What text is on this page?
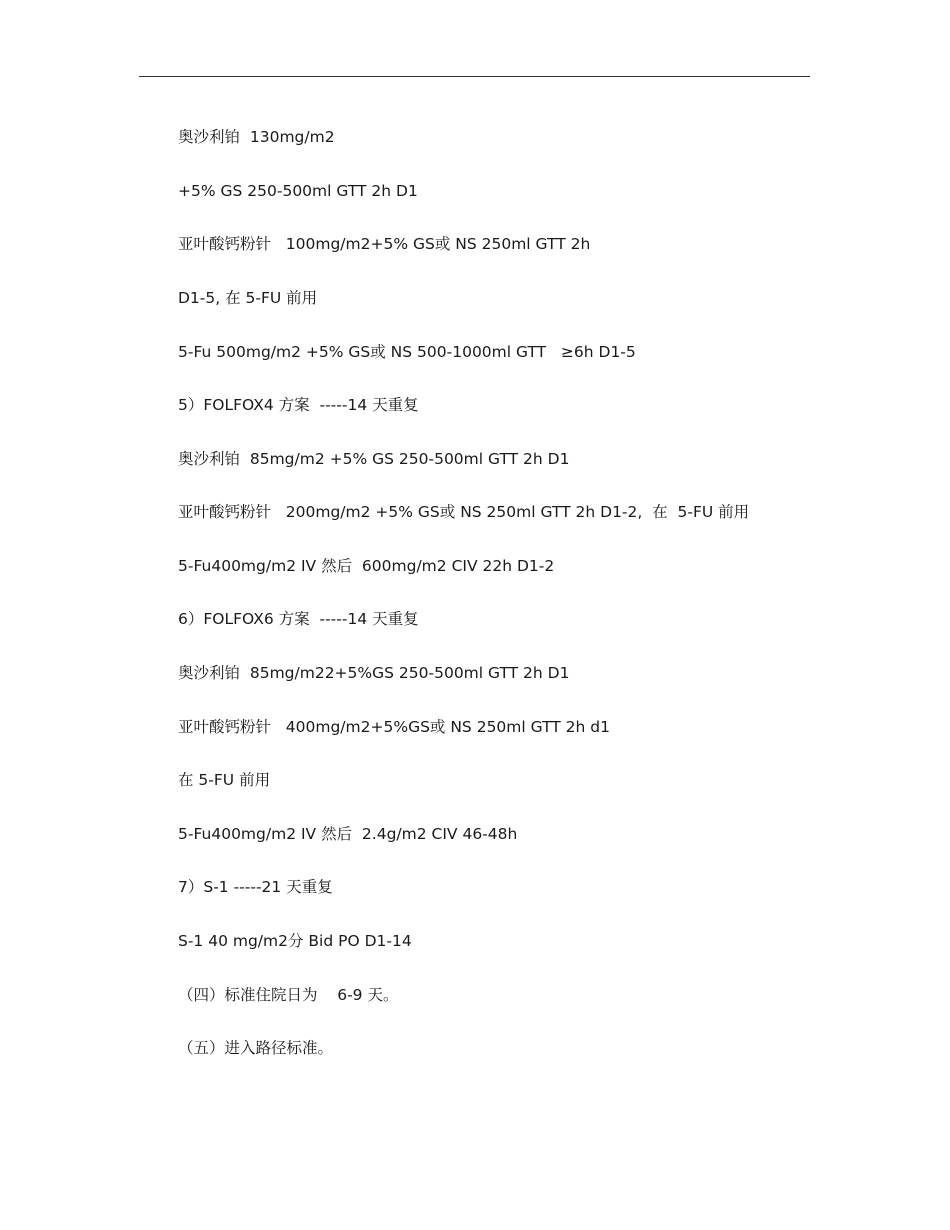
奥沙利铂  130mg/m2
+5% GS 250-500ml GTT 2h D1
亚叶酸钙粉针   100mg/m2+5% GS或 NS 250ml GTT 2h
D1-5, 在 5-FU 前用
5-Fu 500mg/m2 +5% GS或 NS 500-1000ml GTT   ≥6h D1-5
5）FOLFOX4 方案  -----14 天重复
奥沙利铂  85mg/m2 +5% GS 250-500ml GTT 2h D1
亚叶酸钙粉针   200mg/m2 +5% GS或 NS 250ml GTT 2h D1-2,  在  5-FU 前用
5-Fu400mg/m2 IV 然后  600mg/m2 CIV 22h D1-2
6）FOLFOX6 方案  -----14 天重复
奥沙利铂  85mg/m22+5%GS 250-500ml GTT 2h D1
亚叶酸钙粉针   400mg/m2+5%GS或 NS 250ml GTT 2h d1
在 5-FU 前用
5-Fu400mg/m2 IV 然后  2.4g/m2 CIV 46-48h
7）S-1 -----21 天重复
S-1 40 mg/m2分 Bid PO D1-14
（四）标准住院日为    6-9 天。
（五）进入路径标准。
